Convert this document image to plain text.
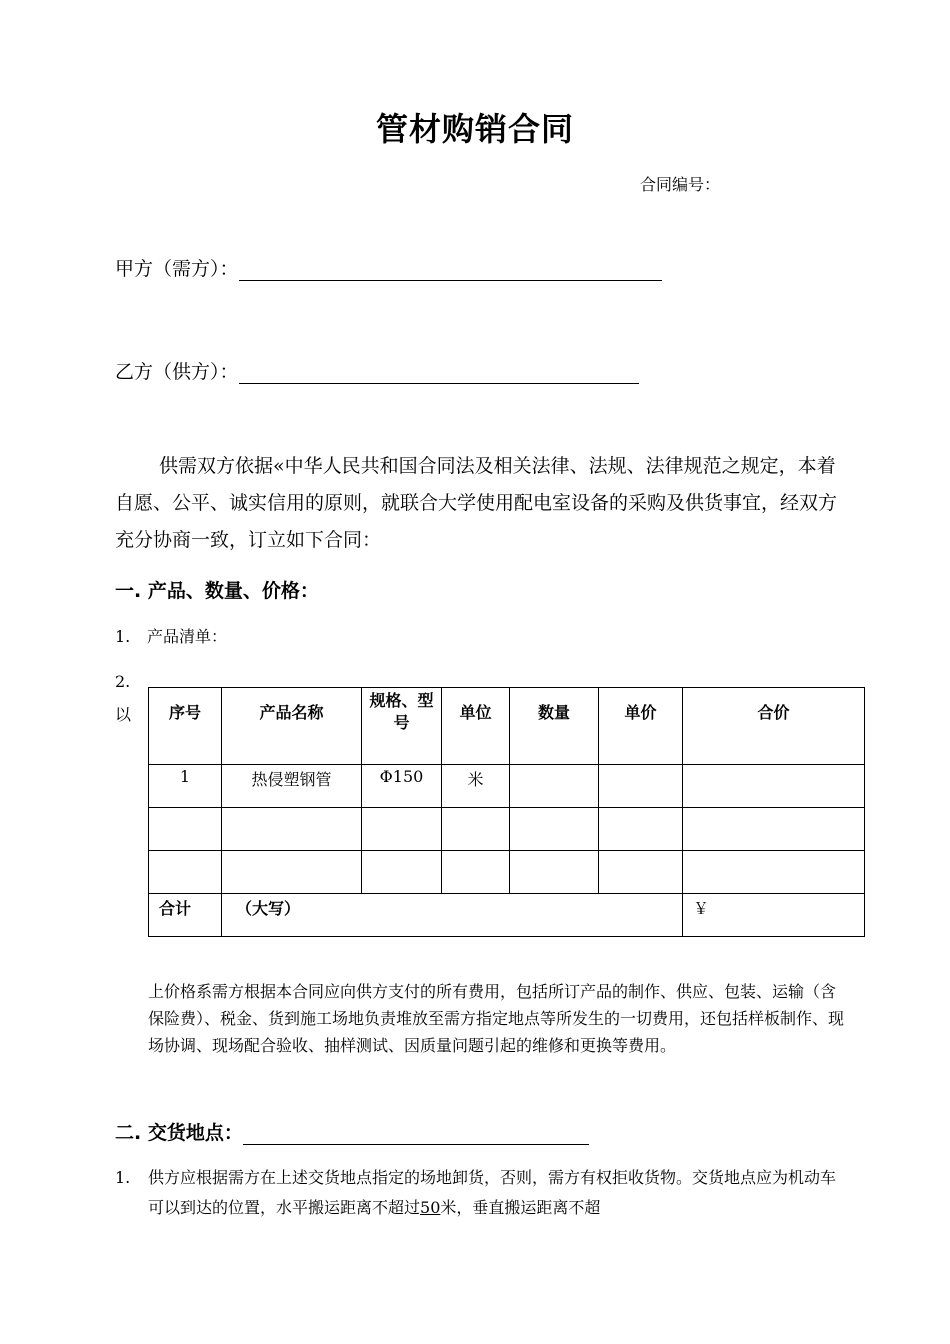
管材购销合同
合同编号：
甲方（需方）：
乙方（供方）：
供需双方依据«中华人民共和国合同法及相关法律、法规、法律规范之规定，本着自愿、公平、诚实信用的原则，就联合大学使用配电室设备的采购及供货事宜，经双方充分协商一致，订立如下合同：
一. 产品、数量、价格：
1. 产品清单：
2.
以 序号	产品名称	规格、型号	单位	数量	单价	合价
1	热侵塑钢管	Φ150	米			

合计	（大写）					￥
上价格系需方根据本合同应向供方支付的所有费用，包括所订产品的制作、供应、包装、运输（含保险费）、税金、货到施工场地负责堆放至需方指定地点等所发生的一切费用，还包括样板制作、现场协调、现场配合验收、抽样测试、因质量问题引起的维修和更换等费用。
二. 交货地点：
1. 供方应根据需方在上述交货地点指定的场地卸货，否则，需方有权拒收货物。交货地点应为机动车可以到达的位置，水平搬运距离不超过50米，垂直搬运距离不超
